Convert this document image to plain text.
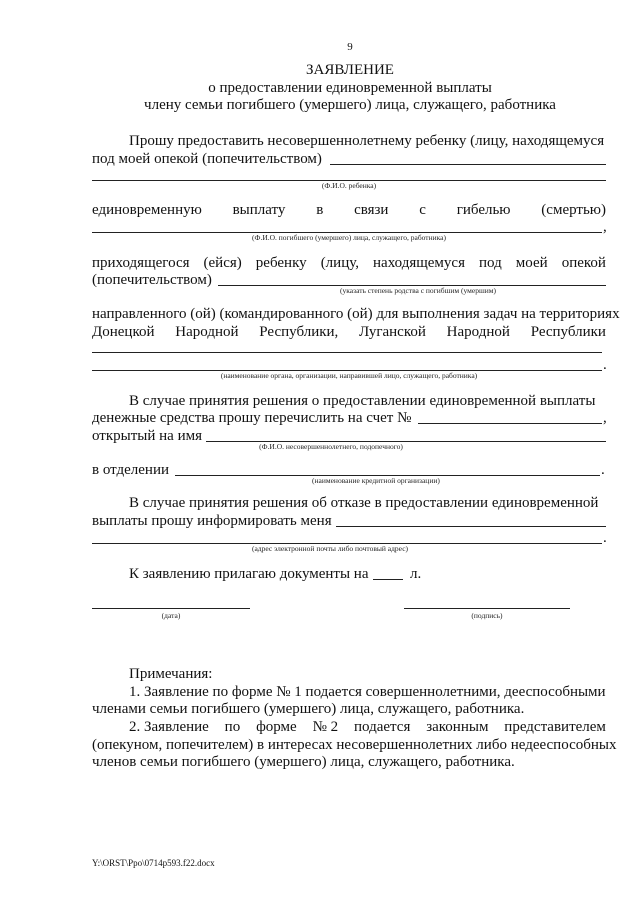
9
ЗАЯВЛЕНИЕ
о предоставлении единовременной выплаты
члену семьи погибшего (умершего) лица, служащего, работника
Прошу предоставить несовершеннолетнему ребенку (лицу, находящемуся
под моей опекой (попечительством)
(Ф.И.О. ребенка)
единовременную выплату в связи с гибелью (смертью)
,
(Ф.И.О. погибшего (умершего) лица, служащего, работника)
приходящегося (ейся) ребенку (лицу, находящемуся под моей опекой
(попечительством)
(указать степень родства с погибшим (умершим)
направленного (ой) (командированного (ой) для выполнения задач на территориях
Донецкой Народной Республики, Луганской Народной Республики
.
(наименование органа, организации, направившей лицо, служащего, работника)
В случае принятия решения о предоставлении единовременной выплаты
денежные средства прошу перечислить на счет №	,
открытый на имя
(Ф.И.О. несовершеннолетнего, подопечного)
в отделении	.
(наименование кредитной организации)
В случае принятия решения об отказе в предоставлении единовременной
выплаты прошу информировать меня
.
(адрес электронной почты либо почтовый адрес)
К заявлению прилагаю документы на	л.
(дата)	(подпись)
Примечания:
1. Заявление по форме № 1 подается совершеннолетними, дееспособными
членами семьи погибшего (умершего) лица, служащего, работника.
2. Заявление по форме № 2 подается законным представителем
(опекуном, попечителем) в интересах несовершеннолетних либо недееспособных
членов семьи погибшего (умершего) лица, служащего, работника.
Y:\ORST\Ppo\0714p593.f22.docx
